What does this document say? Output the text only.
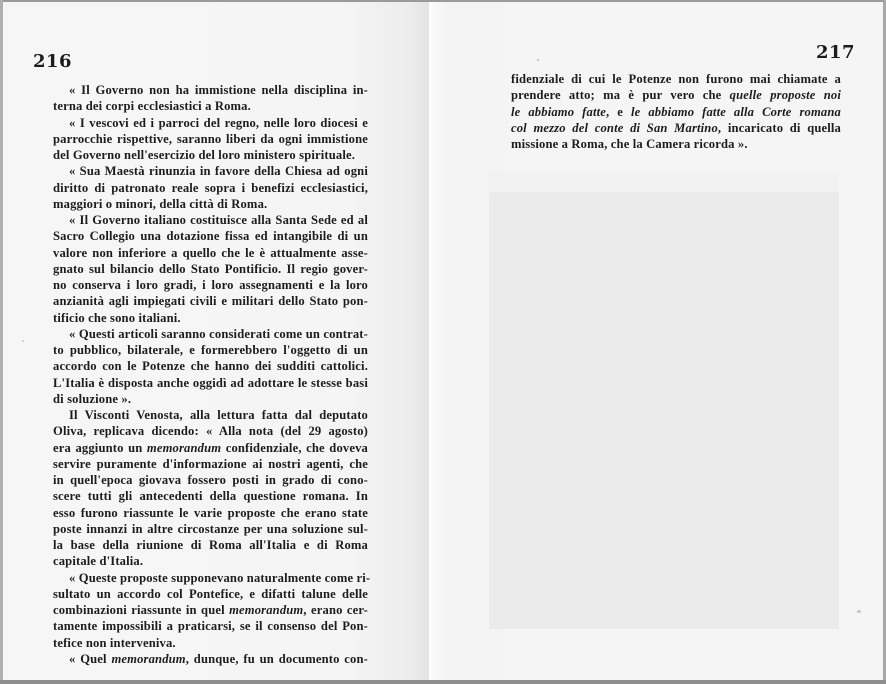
216	217
« Il Governo non ha immistione nella disciplina in-
terna dei corpi ecclesiastici a Roma.
« I vescovi ed i parroci del regno, nelle loro diocesi e
parrocchie rispettive, saranno liberi da ogni immistione
del Governo nell'esercizio del loro ministero spirituale.
« Sua Maestà rinunzia in favore della Chiesa ad ogni
diritto di patronato reale sopra i benefizi ecclesiastici,
maggiori o minori, della città di Roma.
« Il Governo italiano costituisce alla Santa Sede ed al
Sacro Collegio una dotazione fissa ed intangibile di un
valore non inferiore a quello che le è attualmente asse-
gnato sul bilancio dello Stato Pontificio. Il regio gover-
no conserva i loro gradi, i loro assegnamenti e la loro
anzianità agli impiegati civili e militari dello Stato pon-
tificio che sono italiani.
« Questi articoli saranno considerati come un contrat-
to pubblico, bilaterale, e formerebbero l'oggetto di un
accordo con le Potenze che hanno dei sudditi cattolici.
L'Italia è disposta anche oggidì ad adottare le stesse basi
di soluzione ».
Il Visconti Venosta, alla lettura fatta dal deputato
Oliva, replicava dicendo: « Alla nota (del 29 agosto)
era aggiunto un memorandum confidenziale, che doveva
servire puramente d'informazione ai nostri agenti, che
in quell'epoca giovava fossero posti in grado di cono-
scere tutti gli antecedenti della questione romana. In
esso furono riassunte le varie proposte che erano state
poste innanzi in altre circostanze per una soluzione sul-
la base della riunione di Roma all'Italia e di Roma
capitale d'Italia.
« Queste proposte supponevano naturalmente come ri-
sultato un accordo col Pontefice, e difatti talune delle
combinazioni riassunte in quel memorandum, erano cer-
tamente impossibili a praticarsi, se il consenso del Pon-
tefice non interveniva.
« Quel memorandum, dunque, fu un documento con-
fidenziale di cui le Potenze non furono mai chiamate a
prendere atto; ma è pur vero che quelle proposte noi
le abbiamo fatte, e le abbiamo fatte alla Corte romana
col mezzo del conte di San Martino, incaricato di quella
missione a Roma, che la Camera ricorda ».
